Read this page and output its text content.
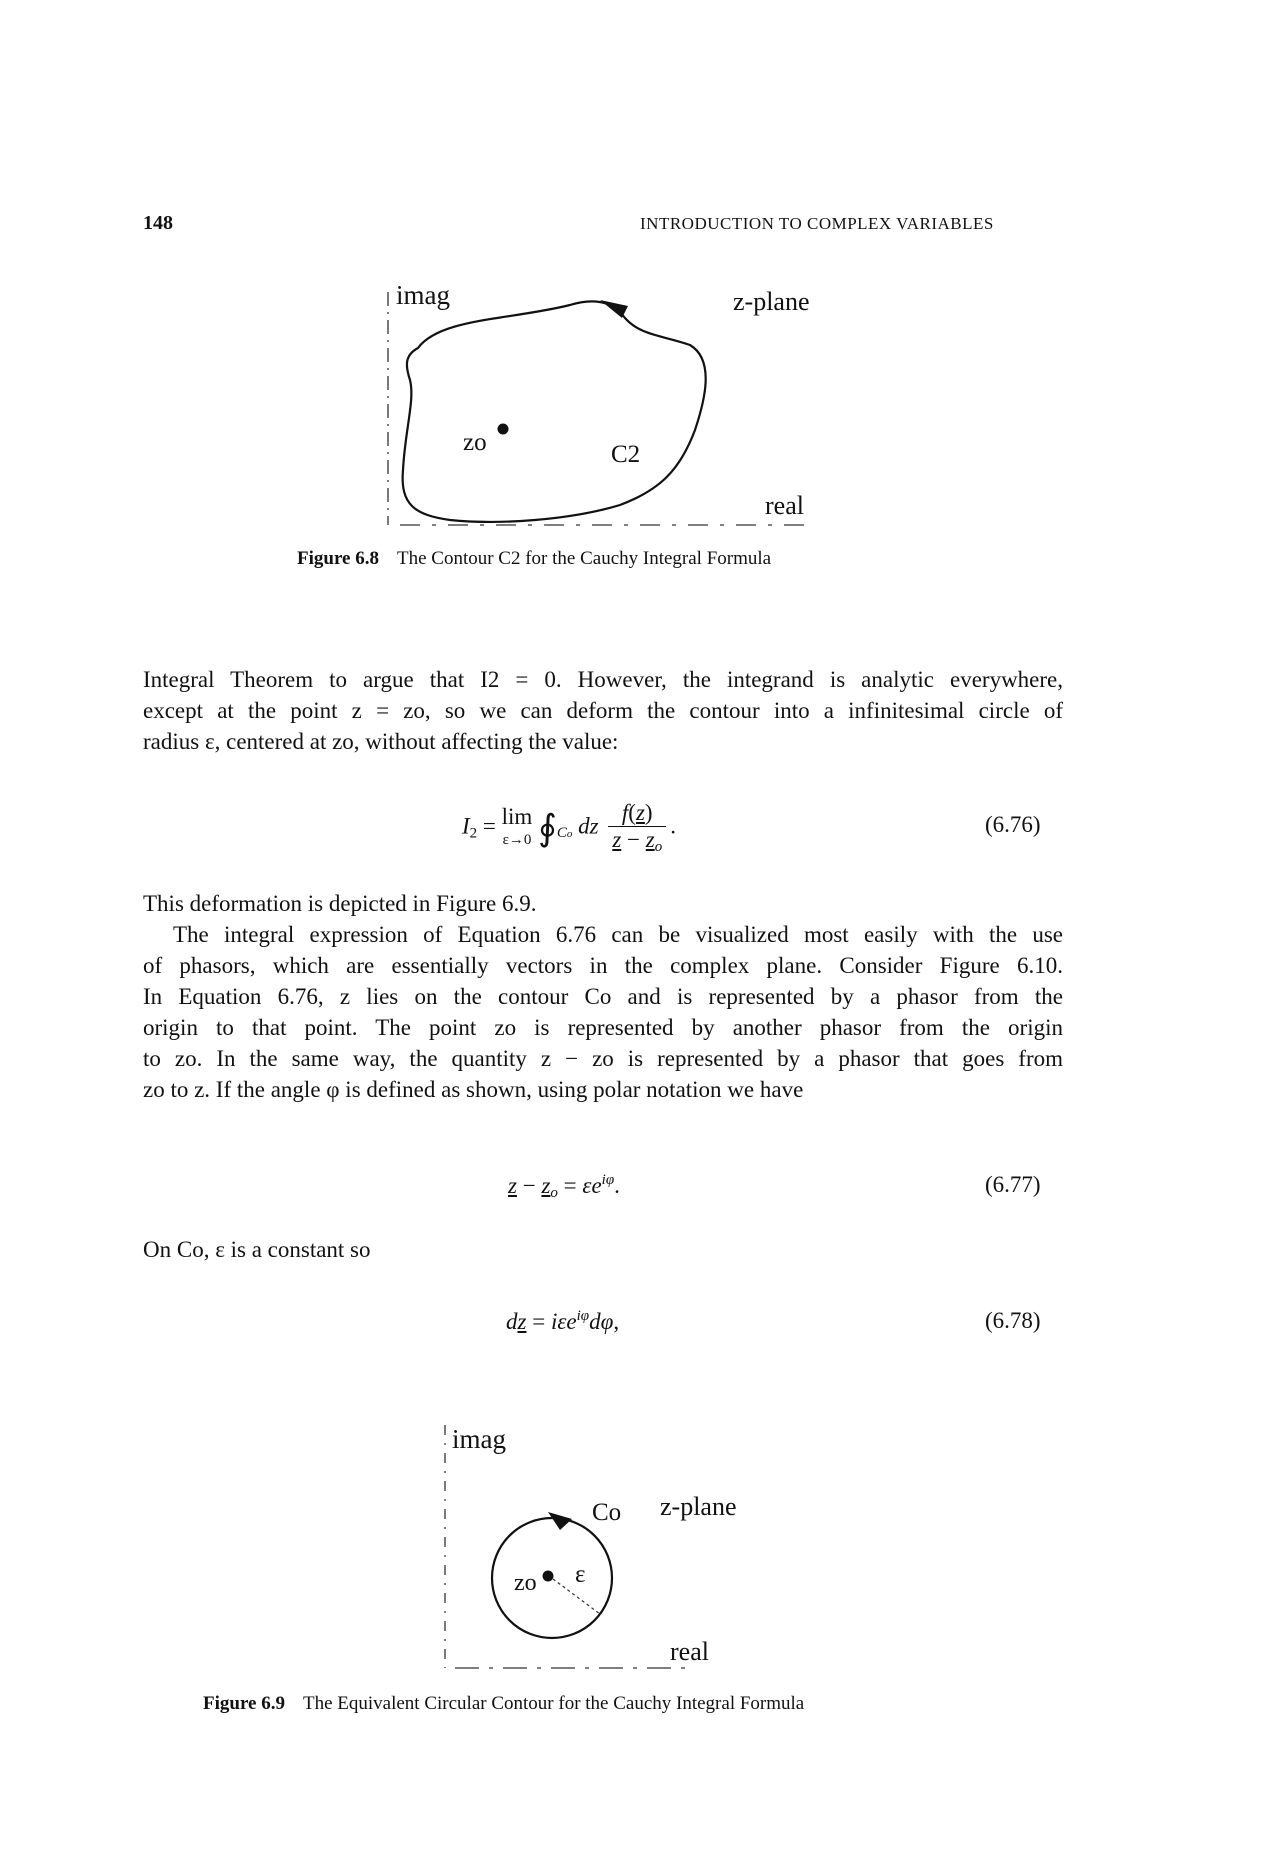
148	INTRODUCTION TO COMPLEX VARIABLES
zo	C2
imag	z-plane
real
zo ε
Co
imag
z-plane
real
Figure 6.8 The Contour C2 for the Cauchy Integral Formula
Integral Theorem to argue that I2 = 0. However, the integrand is analytic everywhere,
except at the point z = zo, so we can deform the contour into a infinitesimal circle of
radius ε, centered at zo, without affecting the value:
$I_2 = \lim$
ε→0 $∮_{Co}$ dz $\frac{f(z)}{z - z_o}$ .	(6.76)
This deformation is depicted in Figure 6.9.
The integral expression of Equation 6.76 can be visualized most easily with the use
of phasors, which are essentially vectors in the complex plane. Consider Figure 6.10.
In Equation 6.76, z lies on the contour Co and is represented by a phasor from the
origin to that point. The point zo is represented by another phasor from the origin
to zo. In the same way, the quantity z − zo is represented by a phasor that goes from
zo to z. If the angle φ is defined as shown, using polar notation we have
$z - z_o = \varepsilon e^{i\varphi}$.	(6.77)
On Co, ε is a constant so
dz = iεe$^{i\varphi}$dφ,	(6.78)
Figure 6.9 The Equivalent Circular Contour for the Cauchy Integral Formula
